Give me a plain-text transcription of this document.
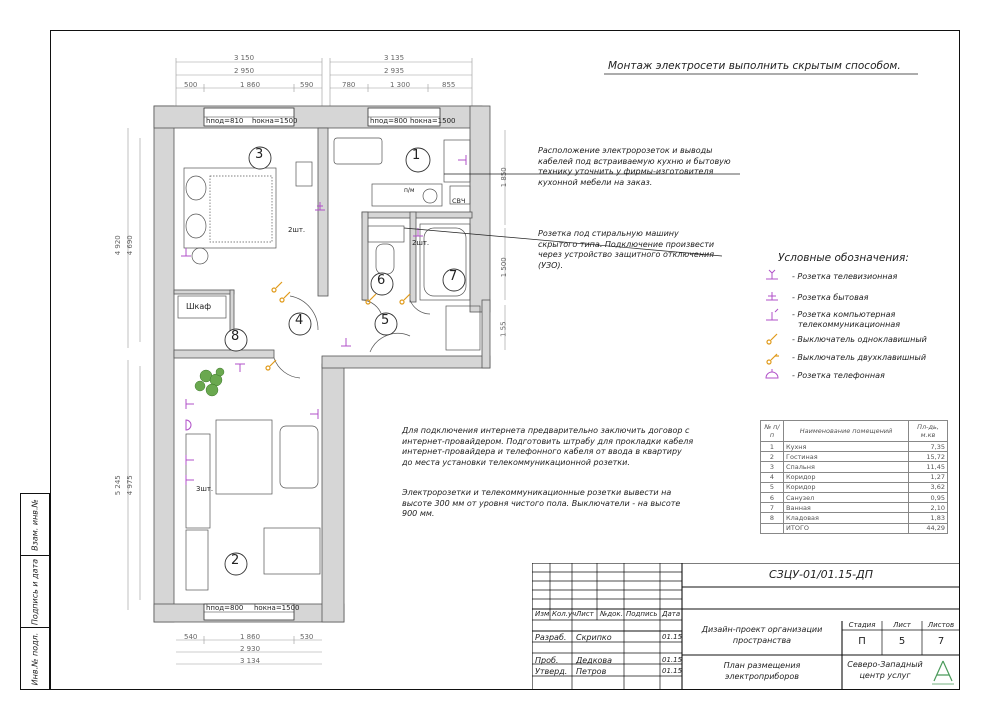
Взам. инв.№
Подпись и дата
Инв.№ подл.
Монтаж электросети выполнить скрытым способом.
hпод=810 hокна=1500	hпод=800 hокна=1500
hпод=800 hокна=1500
1
2
3
4	5
6	7
8
Шкаф
2шт.
2шт.
3шт.
СВЧ
п/м
3 150
2 950
500	1 860	590
3 135
2 935
780	1 300	855
540	1 860	530
2 930
3 134
4 920 4 690
5 245 4 975
1 850
1 500
1 55
Расположение электророзеток и выводы
кабелей под встраиваемую кухню и бытовую
технику уточнить у фирмы-изготовителя
кухонной мебели на заказ.
Розетка под стиральную машину
скрытого типа. Подключение произвести
через устройство защитного отключения
(УЗО).
Для подключения интернета предварительно заключить договор с
интернет-провайдером. Подготовить штрабу для прокладки кабеля
интернет-провайдера и телефонного кабеля от ввода в квартиру
до места установки телекоммуникационной розетки.
Электророзетки и телекоммуникационные розетки вывести на
высоте 300 мм от уровня чистого пола. Выключатели - на высоте
900 мм.
Условные обозначения:
- Розетка телевизионная
- Розетка бытовая
- Розетка компьютерная
телекоммуникационная
- Выключатель одноклавишный
- Выключатель двухклавишный
- Розетка телефонная
№ п/п	Наименование помещений	Пл-дь, м.кв
1	Кухня	7,35
2	Гостиная	15,72
3	Спальня	11,45
4	Коридор	1,27
5	Коридор	3,62
6	Санузел	0,95
7	Ванная	2,10
8	Кладовая	1,83
	ИТОГО	44,29
СЗЦУ-01/01.15-ДП
Изм. Кол.уч Лист №док. Подпись Дата
Разраб. Скрипко	01.15
Проб. Дедкова	01.15
Утверд. Петров	01.15
Дизайн-проект организации
пространства
План размещения
электроприборов
Стадия	Лист	Листов
П	5	7
Северо-Западный
центр услуг
